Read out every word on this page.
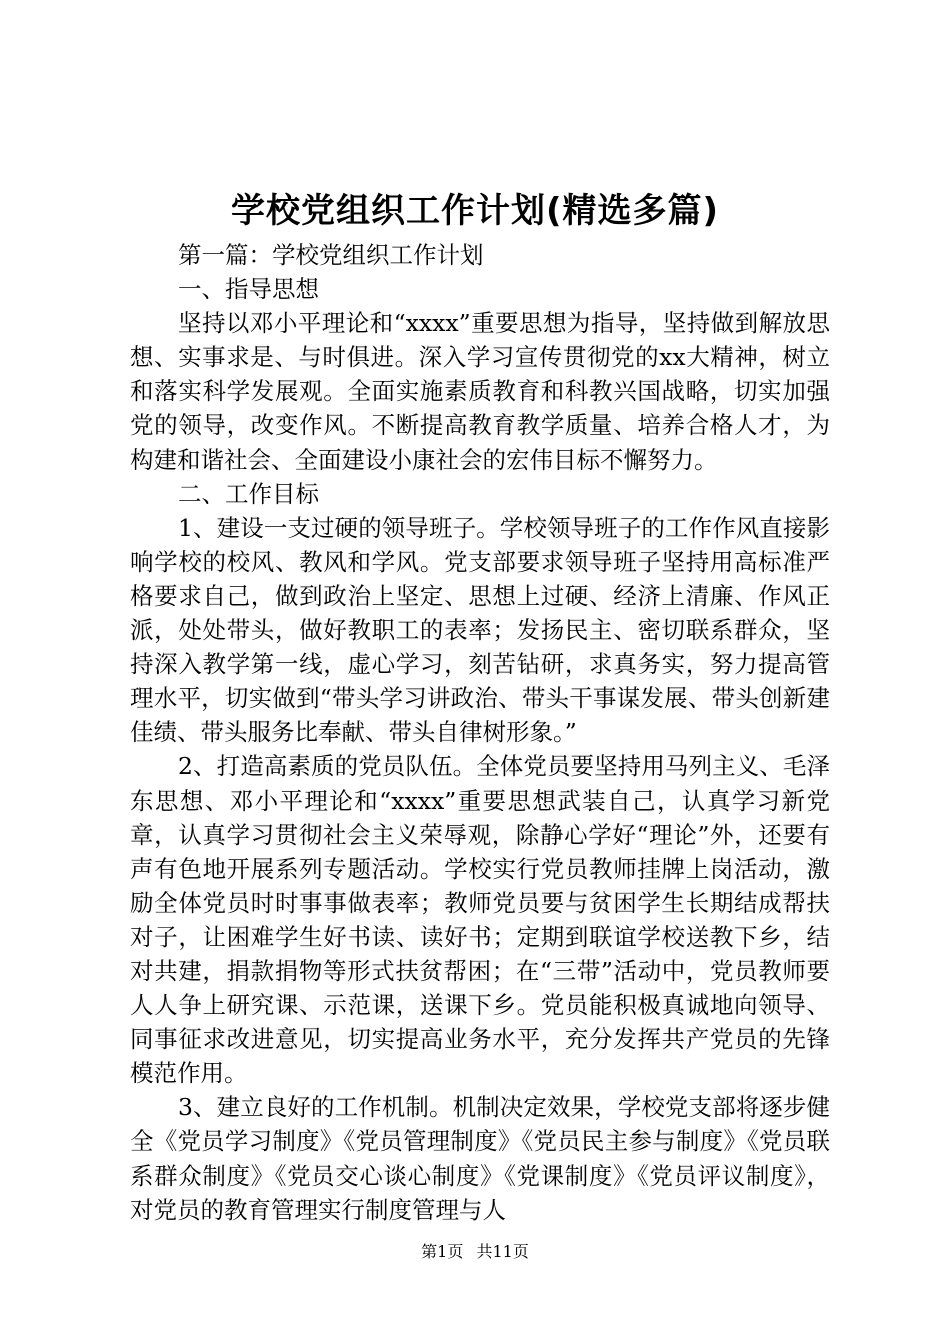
学校党组织工作计划(精选多篇)

第一篇：学校党组织工作计划

一、指导思想

坚持以邓小平理论和“xxxx”重要思想为指导，坚持做到解放思想、实事求是、与时俱进。深入学习宣传贯彻党的xx大精神，树立和落实科学发展观。全面实施素质教育和科教兴国战略，切实加强党的领导，改变作风。不断提高教育教学质量、培养合格人才，为构建和谐社会、全面建设小康社会的宏伟目标不懈努力。

二、工作目标

1、建设一支过硬的领导班子。学校领导班子的工作作风直接影响学校的校风、教风和学风。党支部要求领导班子坚持用高标准严格要求自己，做到政治上坚定、思想上过硬、经济上清廉、作风正派，处处带头，做好教职工的表率；发扬民主、密切联系群众，坚持深入教学第一线，虚心学习，刻苦钻研，求真务实，努力提高管理水平，切实做到“带头学习讲政治、带头干事谋发展、带头创新建佳绩、带头服务比奉献、带头自律树形象。”

2、打造高素质的党员队伍。全体党员要坚持用马列主义、毛泽东思想、邓小平理论和“xxxx”重要思想武装自己，认真学习新党章，认真学习贯彻社会主义荣辱观，除静心学好“理论”外，还要有声有色地开展系列专题活动。学校实行党员教师挂牌上岗活动，激励全体党员时时事事做表率；教师党员要与贫困学生长期结成帮扶对子，让困难学生好书读、读好书；定期到联谊学校送教下乡，结对共建，捐款捐物等形式扶贫帮困；在“三带”活动中，党员教师要人人争上研究课、示范课，送课下乡。党员能积极真诚地向领导、同事征求改进意见，切实提高业务水平，充分发挥共产党员的先锋模范作用。

3、建立良好的工作机制。机制决定效果，学校党支部将逐步健全《党员学习制度》《党员管理制度》《党员民主参与制度》《党员联系群众制度》《党员交心谈心制度》《党课制度》《党员评议制度》，对党员的教育管理实行制度管理与人

第1页 共11页
